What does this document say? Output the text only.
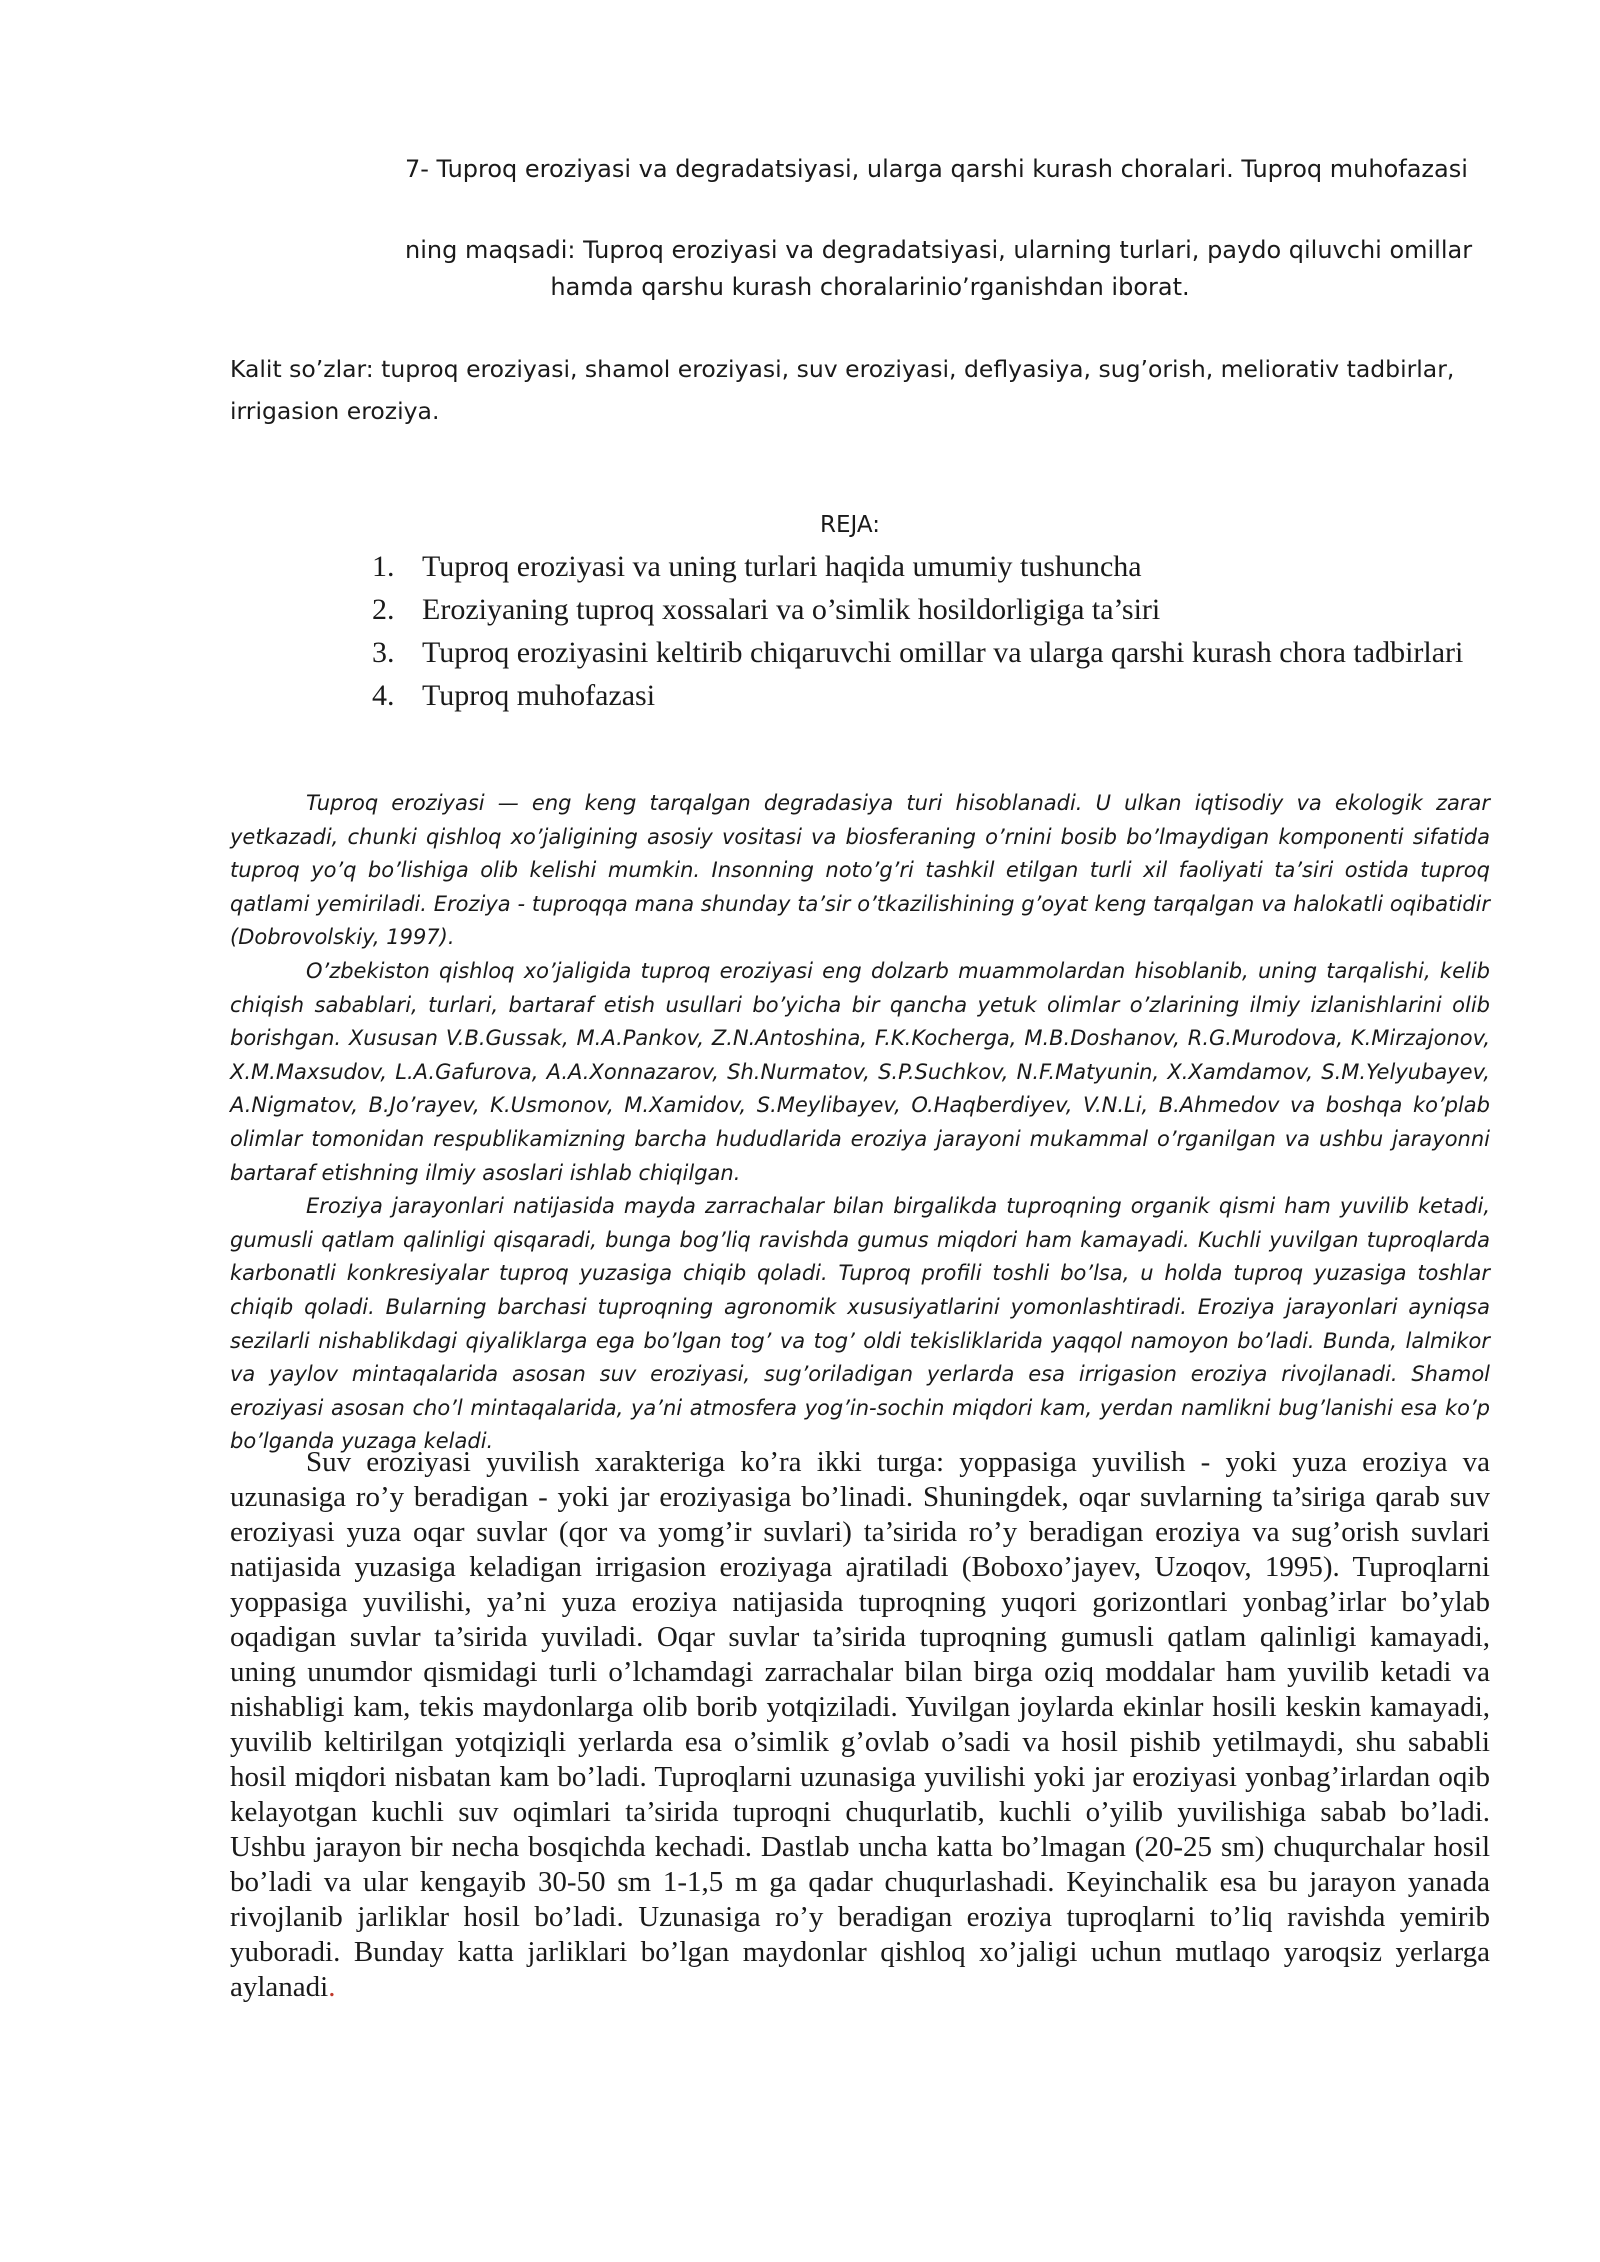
7- Tuproq eroziyasi va degradatsiyasi, ularga qarshi kurash choralari. Tuproq muhofazasi
ning maqsadi: Tuproq eroziyasi va degradatsiyasi, ularning turlari, paydo qiluvchi omillar
hamda qarshu kurash choralarinio’rganishdan iborat.
Kalit so’zlar: tuproq eroziyasi, shamol eroziyasi, suv eroziyasi, deflyasiya, sug’orish, meliorativ tadbirlar, irrigasion eroziya.
REJA:
1. Tuproq eroziyasi va uning turlari haqida umumiy tushuncha
2. Eroziyaning tuproq xossalari va o’simlik hosildorligiga ta’siri
3. Tuproq eroziyasini keltirib chiqaruvchi omillar va ularga qarshi kurash chora tadbirlari
4. Tuproq muhofazasi

Tuproq eroziyasi — eng keng tarqalgan degradasiya turi hisoblanadi. U ulkan iqtisodiy va ekologik zarar yetkazadi, chunki qishloq xo’jaligining asosiy vositasi va biosferaning o’rnini bosib bo’lmaydigan komponenti sifatida tuproq yo’q bo’lishiga olib kelishi mumkin. Insonning noto’g’ri tashkil etilgan turli xil faoliyati ta’siri ostida tuproq qatlami yemiriladi. Eroziya - tuproqqa mana shunday ta’sir o’tkazilishining g’oyat keng tarqalgan va halokatli oqibatidir (Dobrovolskiy, 1997).

O’zbekiston qishloq xo’jaligida tuproq eroziyasi eng dolzarb muammolardan hisoblanib, uning tarqalishi, kelib chiqish sabablari, turlari, bartaraf etish usullari bo’yicha bir qancha yetuk olimlar o’zlarining ilmiy izlanishlarini olib borishgan. Xususan V.B.Gussak, M.A.Pankov, Z.N.Antoshina, F.K.Kocherga, M.B.Doshanov, R.G.Murodova, K.Mirzajonov, X.M.Maxsudov, L.A.Gafurova, A.A.Xonnazarov, Sh.Nurmatov, S.P.Suchkov, N.F.Matyunin, X.Xamdamov, S.M.Yelyubayev, A.Nigmatov, B.Jo’rayev, K.Usmonov, M.Xamidov, S.Meylibayev, O.Haqberdiyev, V.N.Li, B.Ahmedov va boshqa ko’plab olimlar tomonidan respublikamizning barcha hududlarida eroziya jarayoni mukammal o’rganilgan va ushbu jarayonni bartaraf etishning ilmiy asoslari ishlab chiqilgan.

Eroziya jarayonlari natijasida mayda zarrachalar bilan birgalikda tuproqning organik qismi ham yuvilib ketadi, gumusli qatlam qalinligi qisqaradi, bunga bog’liq ravishda gumus miqdori ham kamayadi. Kuchli yuvilgan tuproqlarda karbonatli konkresiyalar tuproq yuzasiga chiqib qoladi. Tuproq profili toshli bo’lsa, u holda tuproq yuzasiga toshlar chiqib qoladi. Bularning barchasi tuproqning agronomik xususiyatlarini yomonlashtiradi. Eroziya jarayonlari ayniqsa sezilarli nishablikdagi qiyaliklarga ega bo’lgan tog’ va tog’ oldi tekisliklarida yaqqol namoyon bo’ladi. Bunda, lalmikor va yaylov mintaqalarida asosan suv eroziyasi, sug’oriladigan yerlarda esa irrigasion eroziya rivojlanadi. Shamol eroziyasi asosan cho’l mintaqalarida, ya’ni atmosfera yog’in-sochin miqdori kam, yerdan namlikni bug’lanishi esa ko’p bo’lganda yuzaga keladi.

Suv eroziyasi yuvilish xarakteriga ko’ra ikki turga: yoppasiga yuvilish - yoki yuza eroziya va uzunasiga ro’y beradigan - yoki jar eroziyasiga bo’linadi. Shuningdek, oqar suvlarning ta’siriga qarab suv eroziyasi yuza oqar suvlar (qor va yomg’ir suvlari) ta’sirida ro’y beradigan eroziya va sug’orish suvlari natijasida yuzasiga keladigan irrigasion eroziyaga ajratiladi (Boboxo’jayev, Uzoqov, 1995). Tuproqlarni yoppasiga yuvilishi, ya’ni yuza eroziya natijasida tuproqning yuqori gorizontlari yonbag’irlar bo’ylab oqadigan suvlar ta’sirida yuviladi. Oqar suvlar ta’sirida tuproqning gumusli qatlam qalinligi kamayadi, uning unumdor qismidagi turli o’lchamdagi zarrachalar bilan birga oziq moddalar ham yuvilib ketadi va nishabligi kam, tekis maydonlarga olib borib yotqiziladi. Yuvilgan joylarda ekinlar hosili keskin kamayadi, yuvilib keltirilgan yotqiziqli yerlarda esa o’simlik g’ovlab o’sadi va hosil pishib yetilmaydi, shu sababli hosil miqdori nisbatan kam bo’ladi. Tuproqlarni uzunasiga yuvilishi yoki jar eroziyasi yonbag’irlardan oqib kelayotgan kuchli suv oqimlari ta’sirida tuproqni chuqurlatib, kuchli o’yilib yuvilishiga sabab bo’ladi. Ushbu jarayon bir necha bosqichda kechadi. Dastlab uncha katta bo’lmagan (20-25 sm) chuqurchalar hosil bo’ladi va ular kengayib 30-50 sm 1-1,5 m ga qadar chuqurlashadi. Keyinchalik esa bu jarayon yanada rivojlanib jarliklar hosil bo’ladi. Uzunasiga ro’y beradigan eroziya tuproqlarni to’liq ravishda yemirib yuboradi. Bunday katta jarliklari bo’lgan maydonlar qishloq xo’jaligi uchun mutlaqo yaroqsiz yerlarga aylanadi.
